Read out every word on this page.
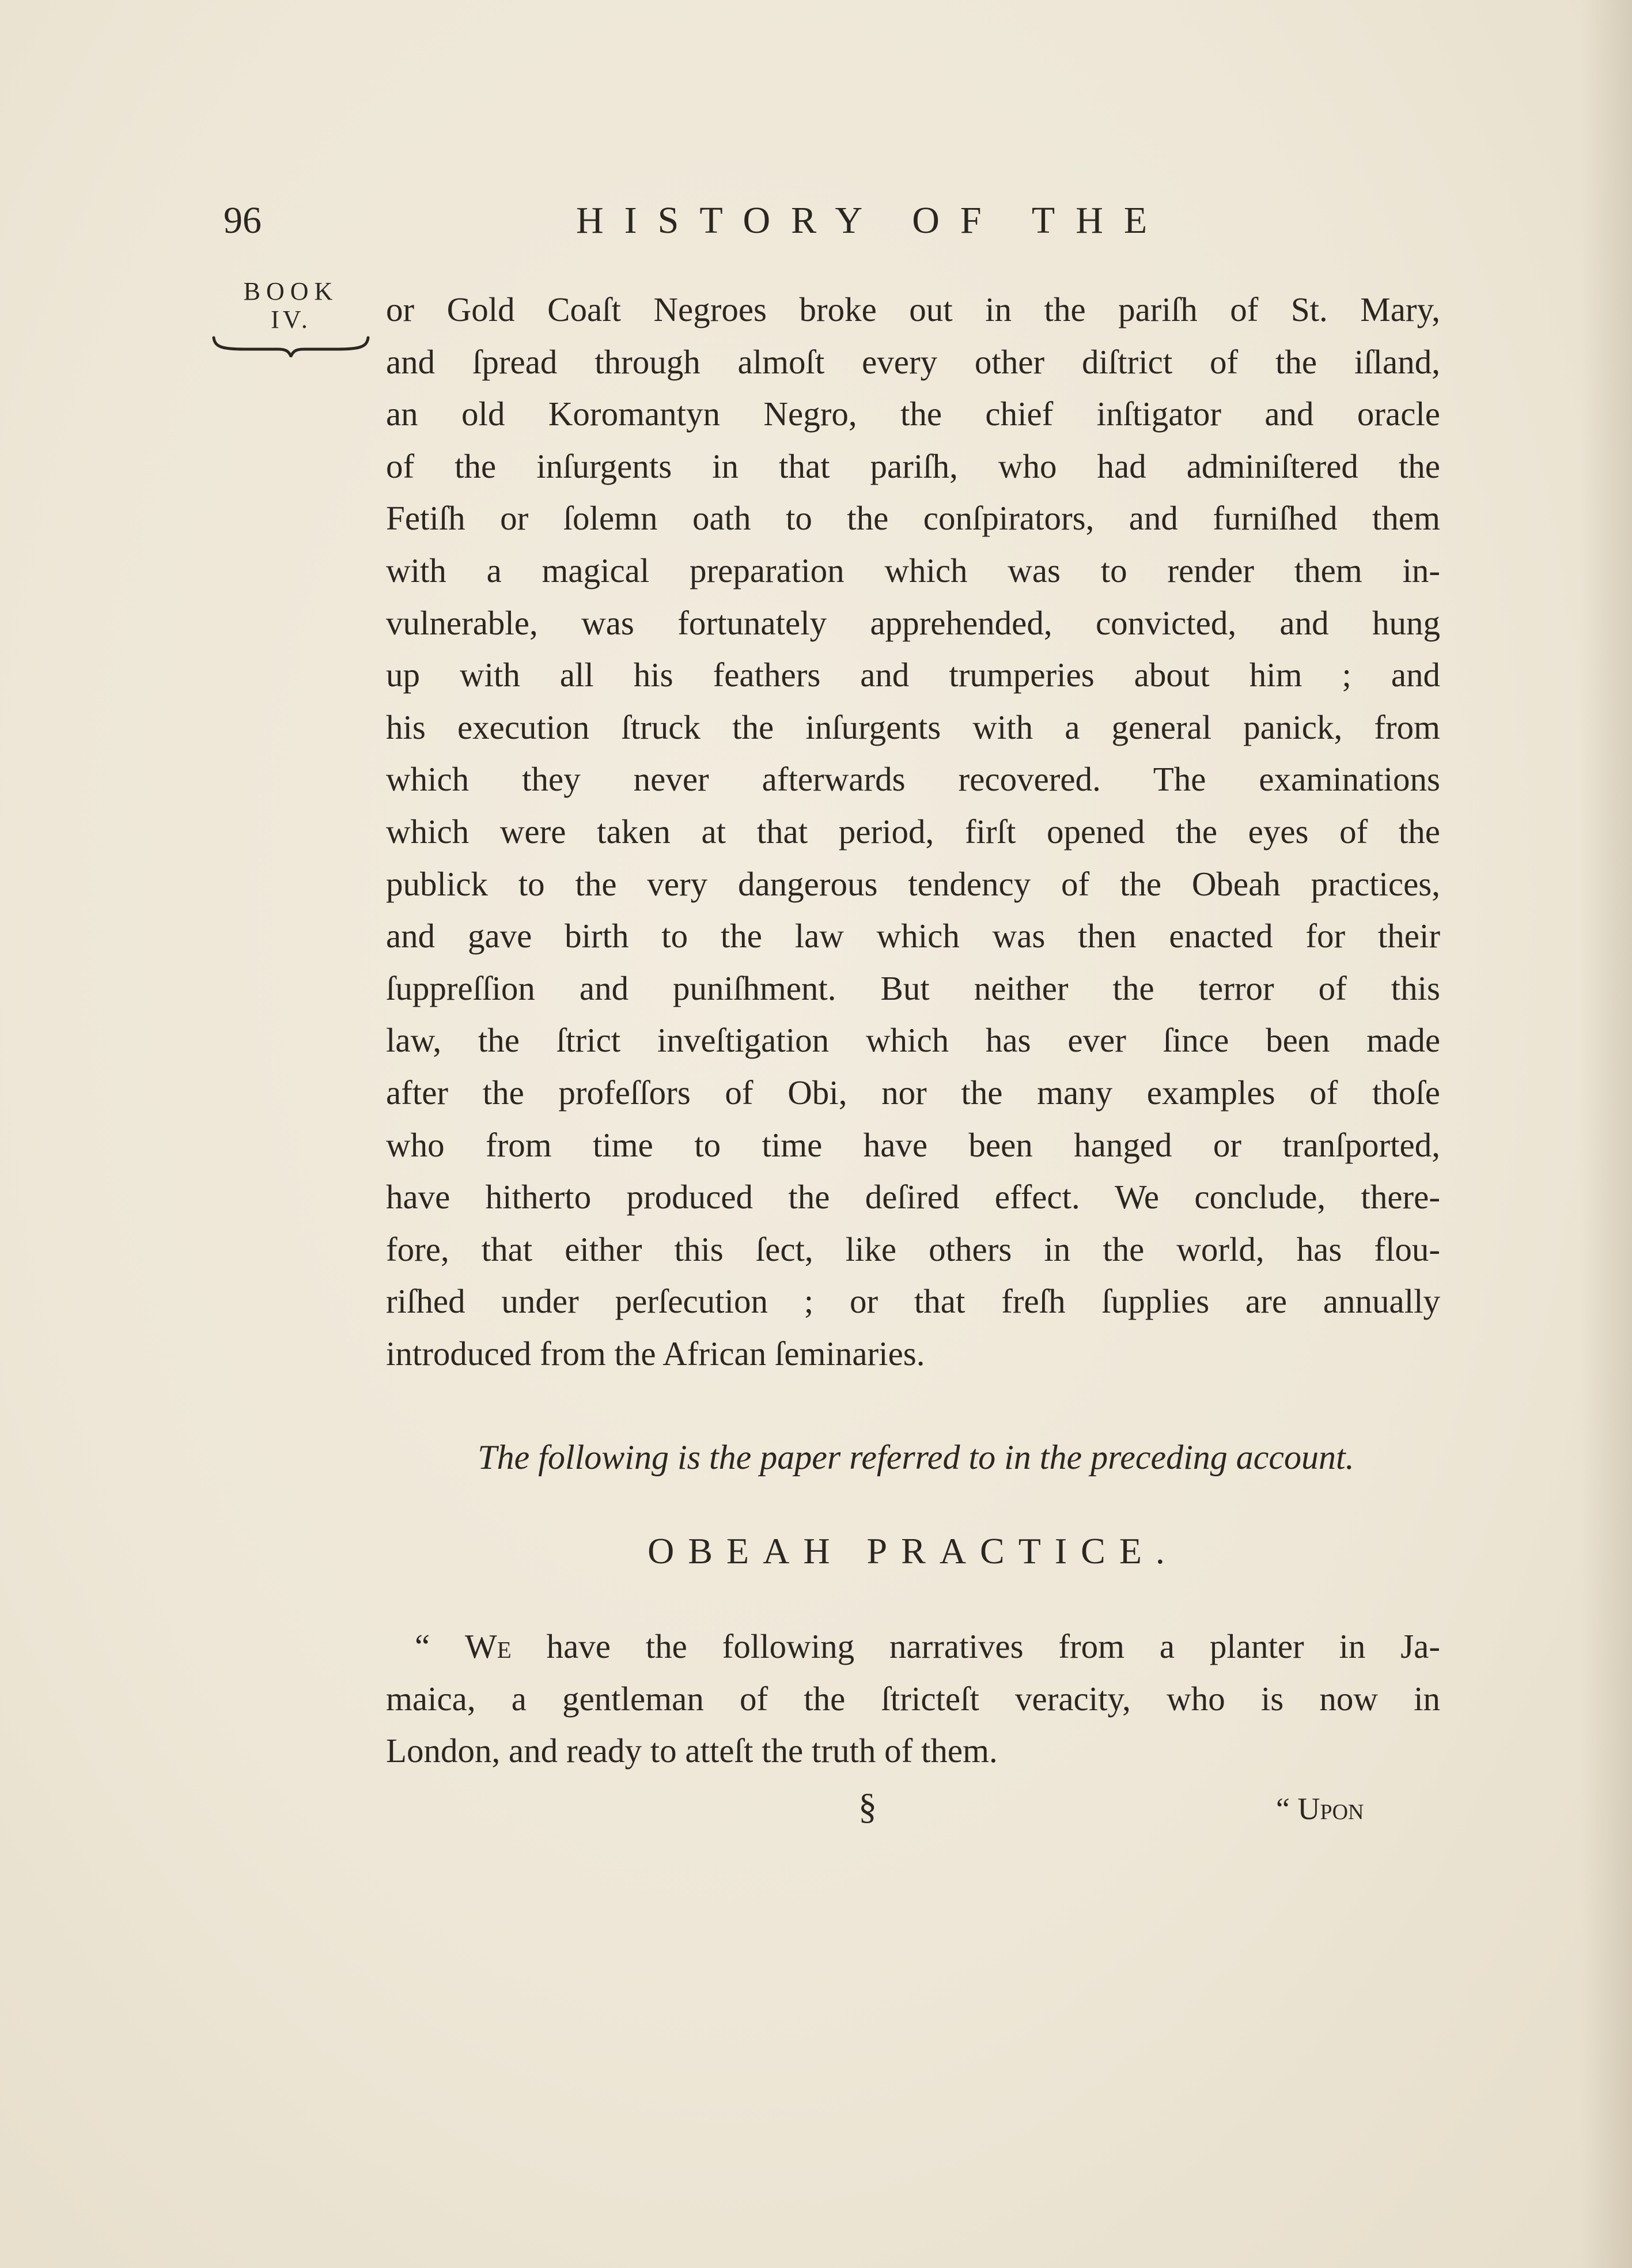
96	HISTORY OF THE
BOOK
IV.	or Gold Coaſt Negroes broke out in the pariſh of St. Mary,
and ſpread through almoſt every other diſtrict of the iſland,
an old Koromantyn Negro, the chief inſtigator and oracle
of the inſurgents in that pariſh, who had adminiſtered the
Fetiſh or ſolemn oath to the conſpirators, and furniſhed them
with a magical preparation which was to render them in-
vulnerable, was fortunately apprehended, convicted, and hung
up with all his feathers and trumperies about him ; and
his execution ſtruck the inſurgents with a general panick, from
which they never afterwards recovered. The examinations
which were taken at that period, firſt opened the eyes of the
publick to the very dangerous tendency of the Obeah practices,
and gave birth to the law which was then enacted for their
ſuppreſſion and puniſhment. But neither the terror of this
law, the ſtrict inveſtigation which has ever ſince been made
after the profeſſors of Obi, nor the many examples of thoſe
who from time to time have been hanged or tranſported,
have hitherto produced the deſired effect. We conclude, there-
fore, that either this ſect, like others in the world, has flou-
riſhed under perſecution ; or that freſh ſupplies are annually
introduced from the African ſeminaries.
The following is the paper referred to in the preceding account.
OBEAH PRACTICE.
“ We have the following narratives from a planter in Ja-
maica, a gentleman of the ſtricteſt veracity, who is now in
London, and ready to atteſt the truth of them.
§	“ Upon
